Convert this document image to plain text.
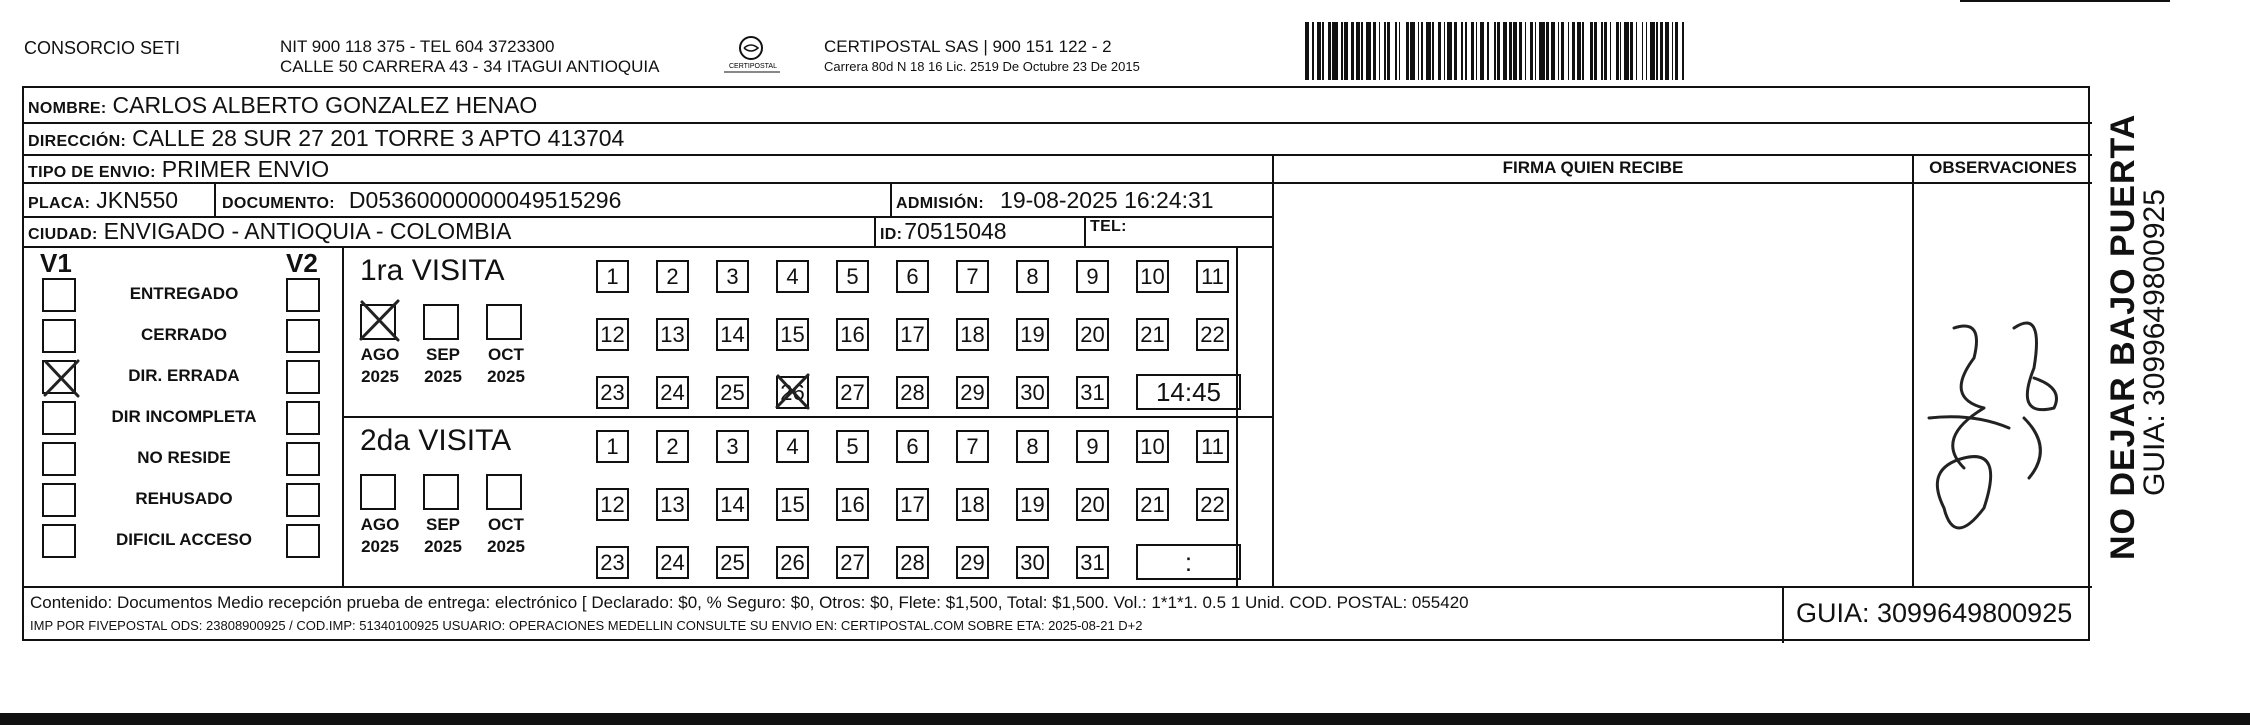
CONSORCIO SETI	NIT 900 118 375 - TEL 604 3723300
CALLE 50 CARRERA 43 - 34 ITAGUI ANTIOQUIA	CERTIPOSTAL
CERTIPOSTAL SAS | 900 151 122 - 2
Carrera 80d N 18 16 Lic. 2519 De Octubre 23 De 2015
NOMBRE: CARLOS ALBERTO GONZALEZ HENAO
DIRECCIÓN: CALLE 28 SUR 27 201 TORRE 3 APTO 413704
TIPO DE ENVIO: PRIMER ENVIO
PLACA: JKN550	DOCUMENTO: D05360000000049515296	ADMISIÓN: 19-08-2025 16:24:31
CIUDAD: ENVIGADO - ANTIOQUIA - COLOMBIA	ID: 70515048	TEL:
FIRMA QUIEN RECIBE	OBSERVACIONES
V1	V2
ENTREGADO
CERRADO
DIR. ERRADA
DIR INCOMPLETA
NO RESIDE
REHUSADO
DIFICIL ACCESO
1ra VISITA
AGO
2025
SEP
2025
OCT
2025
1	2	3	4	5	6	7	8	9	10 11
12 13 14 15 16 17 18 19 20 21 22
23 24 25 26 27 28 29 30 31	14:45
2da VISITA
AGO
2025
SEP
2025
OCT
2025
1	2	3	4	5	6	7	8	9	10 11
12 13 14 15 16 17 18 19 20 21 22
23 24 25 26 27 28 29 30 31	:
Contenido: Documentos Medio recepción prueba de entrega: electrónico [ Declarado: $0, % Seguro: $0, Otros: $0, Flete: $1,500, Total: $1,500. Vol.: 1*1*1. 0.5 1 Unid. COD. POSTAL: 055420
IMP POR FIVEPOSTAL ODS: 23808900925 / COD.IMP: 51340100925 USUARIO: OPERACIONES MEDELLIN CONSULTE SU ENVIO EN: CERTIPOSTAL.COM SOBRE ETA: 2025-08-21 D+2	GUIA: 3099649800925
NO DEJAR BAJO PUERTA
GUIA: 3099649800925
